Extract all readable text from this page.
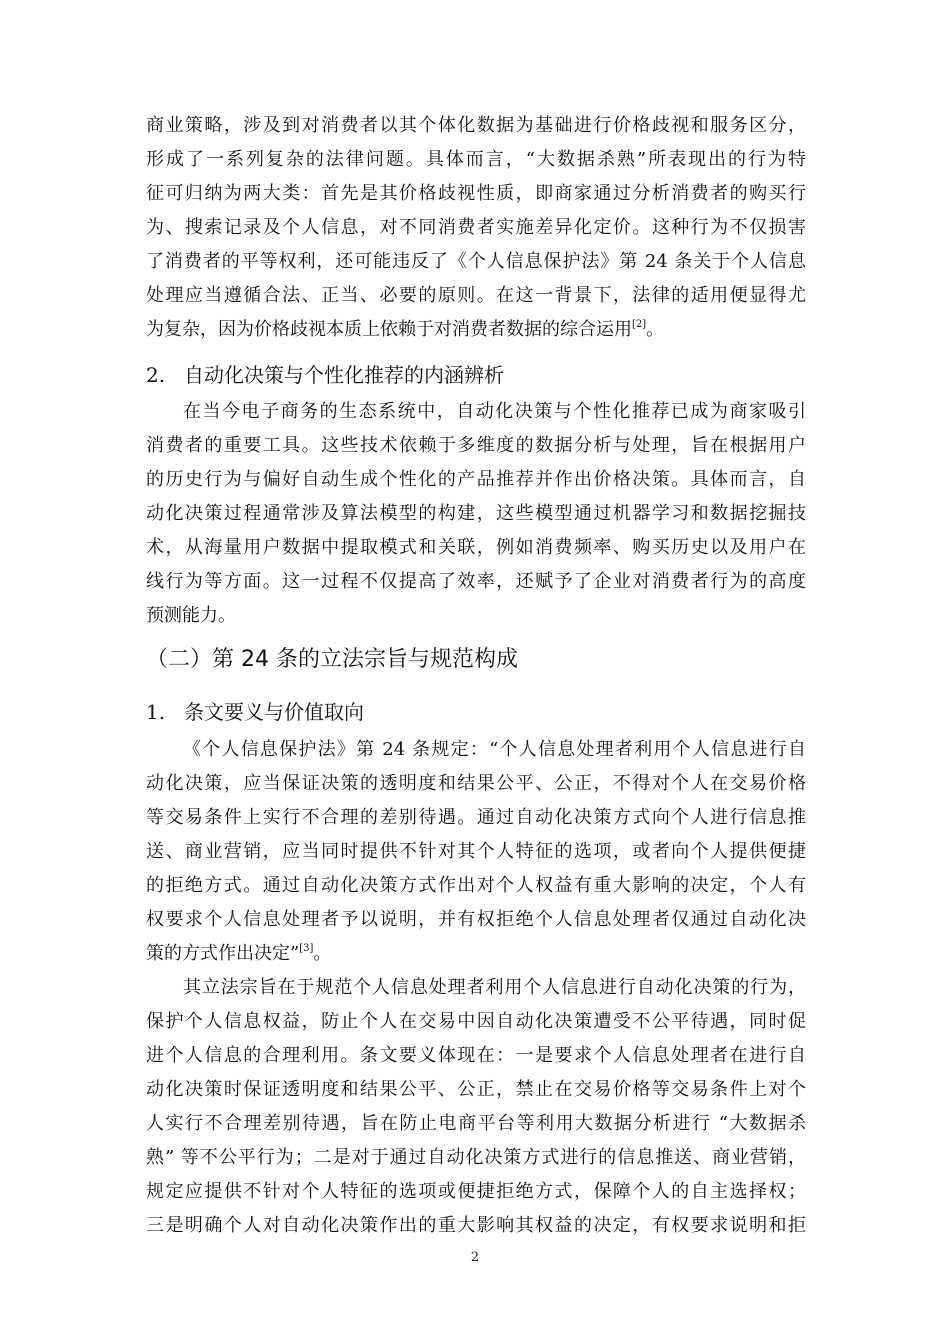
商业策略，涉及到对消费者以其个体化数据为基础进行价格歧视和服务区分，
形成了一系列复杂的法律问题。具体而言，“大数据杀熟”所表现出的行为特
征可归纳为两大类：首先是其价格歧视性质，即商家通过分析消费者的购买行
为、搜索记录及个人信息，对不同消费者实施差异化定价。这种行为不仅损害
了消费者的平等权利，还可能违反了《个人信息保护法》第 24 条关于个人信息
处理应当遵循合法、正当、必要的原则。在这一背景下，法律的适用便显得尤
为复杂，因为价格歧视本质上依赖于对消费者数据的综合运用[2]。
2. 自动化决策与个性化推荐的内涵辨析
在当今电子商务的生态系统中，自动化决策与个性化推荐已成为商家吸引
消费者的重要工具。这些技术依赖于多维度的数据分析与处理，旨在根据用户
的历史行为与偏好自动生成个性化的产品推荐并作出价格决策。具体而言，自
动化决策过程通常涉及算法模型的构建，这些模型通过机器学习和数据挖掘技
术，从海量用户数据中提取模式和关联，例如消费频率、购买历史以及用户在
线行为等方面。这一过程不仅提高了效率，还赋予了企业对消费者行为的高度
预测能力。
（二）第 24 条的立法宗旨与规范构成
1. 条文要义与价值取向
《个人信息保护法》第 24 条规定：“个人信息处理者利用个人信息进行自
动化决策，应当保证决策的透明度和结果公平、公正，不得对个人在交易价格
等交易条件上实行不合理的差别待遇。通过自动化决策方式向个人进行信息推
送、商业营销，应当同时提供不针对其个人特征的选项，或者向个人提供便捷
的拒绝方式。通过自动化决策方式作出对个人权益有重大影响的决定，个人有
权要求个人信息处理者予以说明，并有权拒绝个人信息处理者仅通过自动化决
策的方式作出决定”[3]。
其立法宗旨在于规范个人信息处理者利用个人信息进行自动化决策的行为，
保护个人信息权益，防止个人在交易中因自动化决策遭受不公平待遇，同时促
进个人信息的合理利用。条文要义体现在：一是要求个人信息处理者在进行自
动化决策时保证透明度和结果公平、公正，禁止在交易价格等交易条件上对个
人实行不合理差别待遇，旨在防止电商平台等利用大数据分析进行 “大数据杀
熟” 等不公平行为；二是对于通过自动化决策方式进行的信息推送、商业营销，
规定应提供不针对个人特征的选项或便捷拒绝方式，保障个人的自主选择权；
三是明确个人对自动化决策作出的重大影响其权益的决定，有权要求说明和拒
2
